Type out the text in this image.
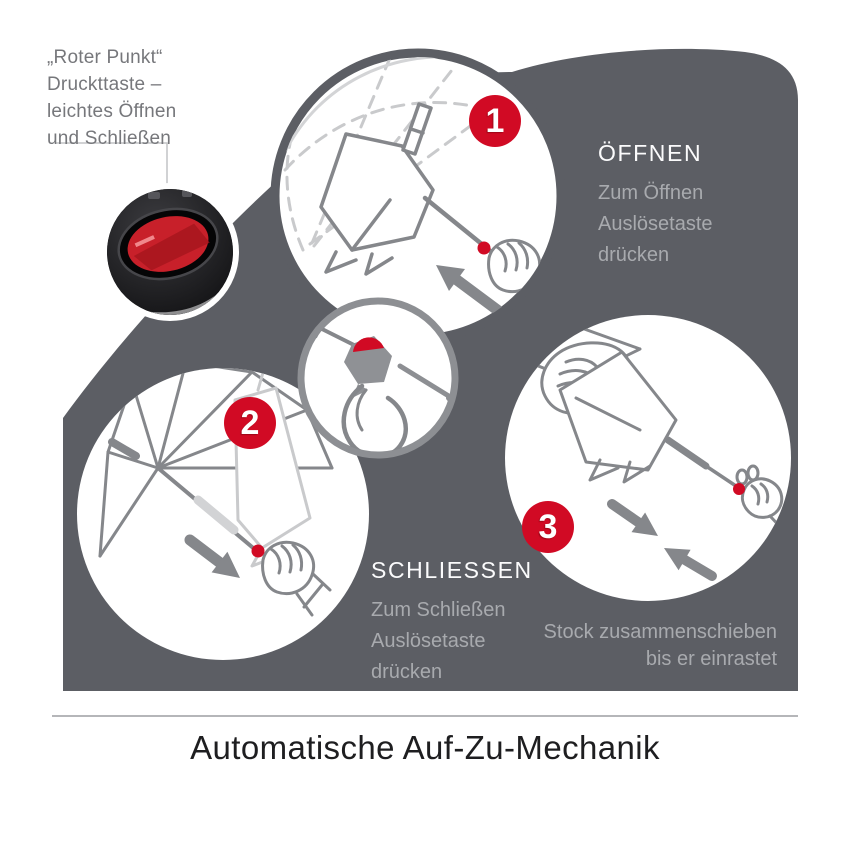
„Roter Punkt“
Druckttaste –
leichtes Öffnen
und Schließen	1
2
3
ÖFFNEN
Zum Öffnen
Auslösetaste
drücken
SCHLIESSEN
Zum Schließen
Auslösetaste
drücken
Stock zusammenschieben
bis er einrastet
Automatische Auf-Zu-Mechanik
